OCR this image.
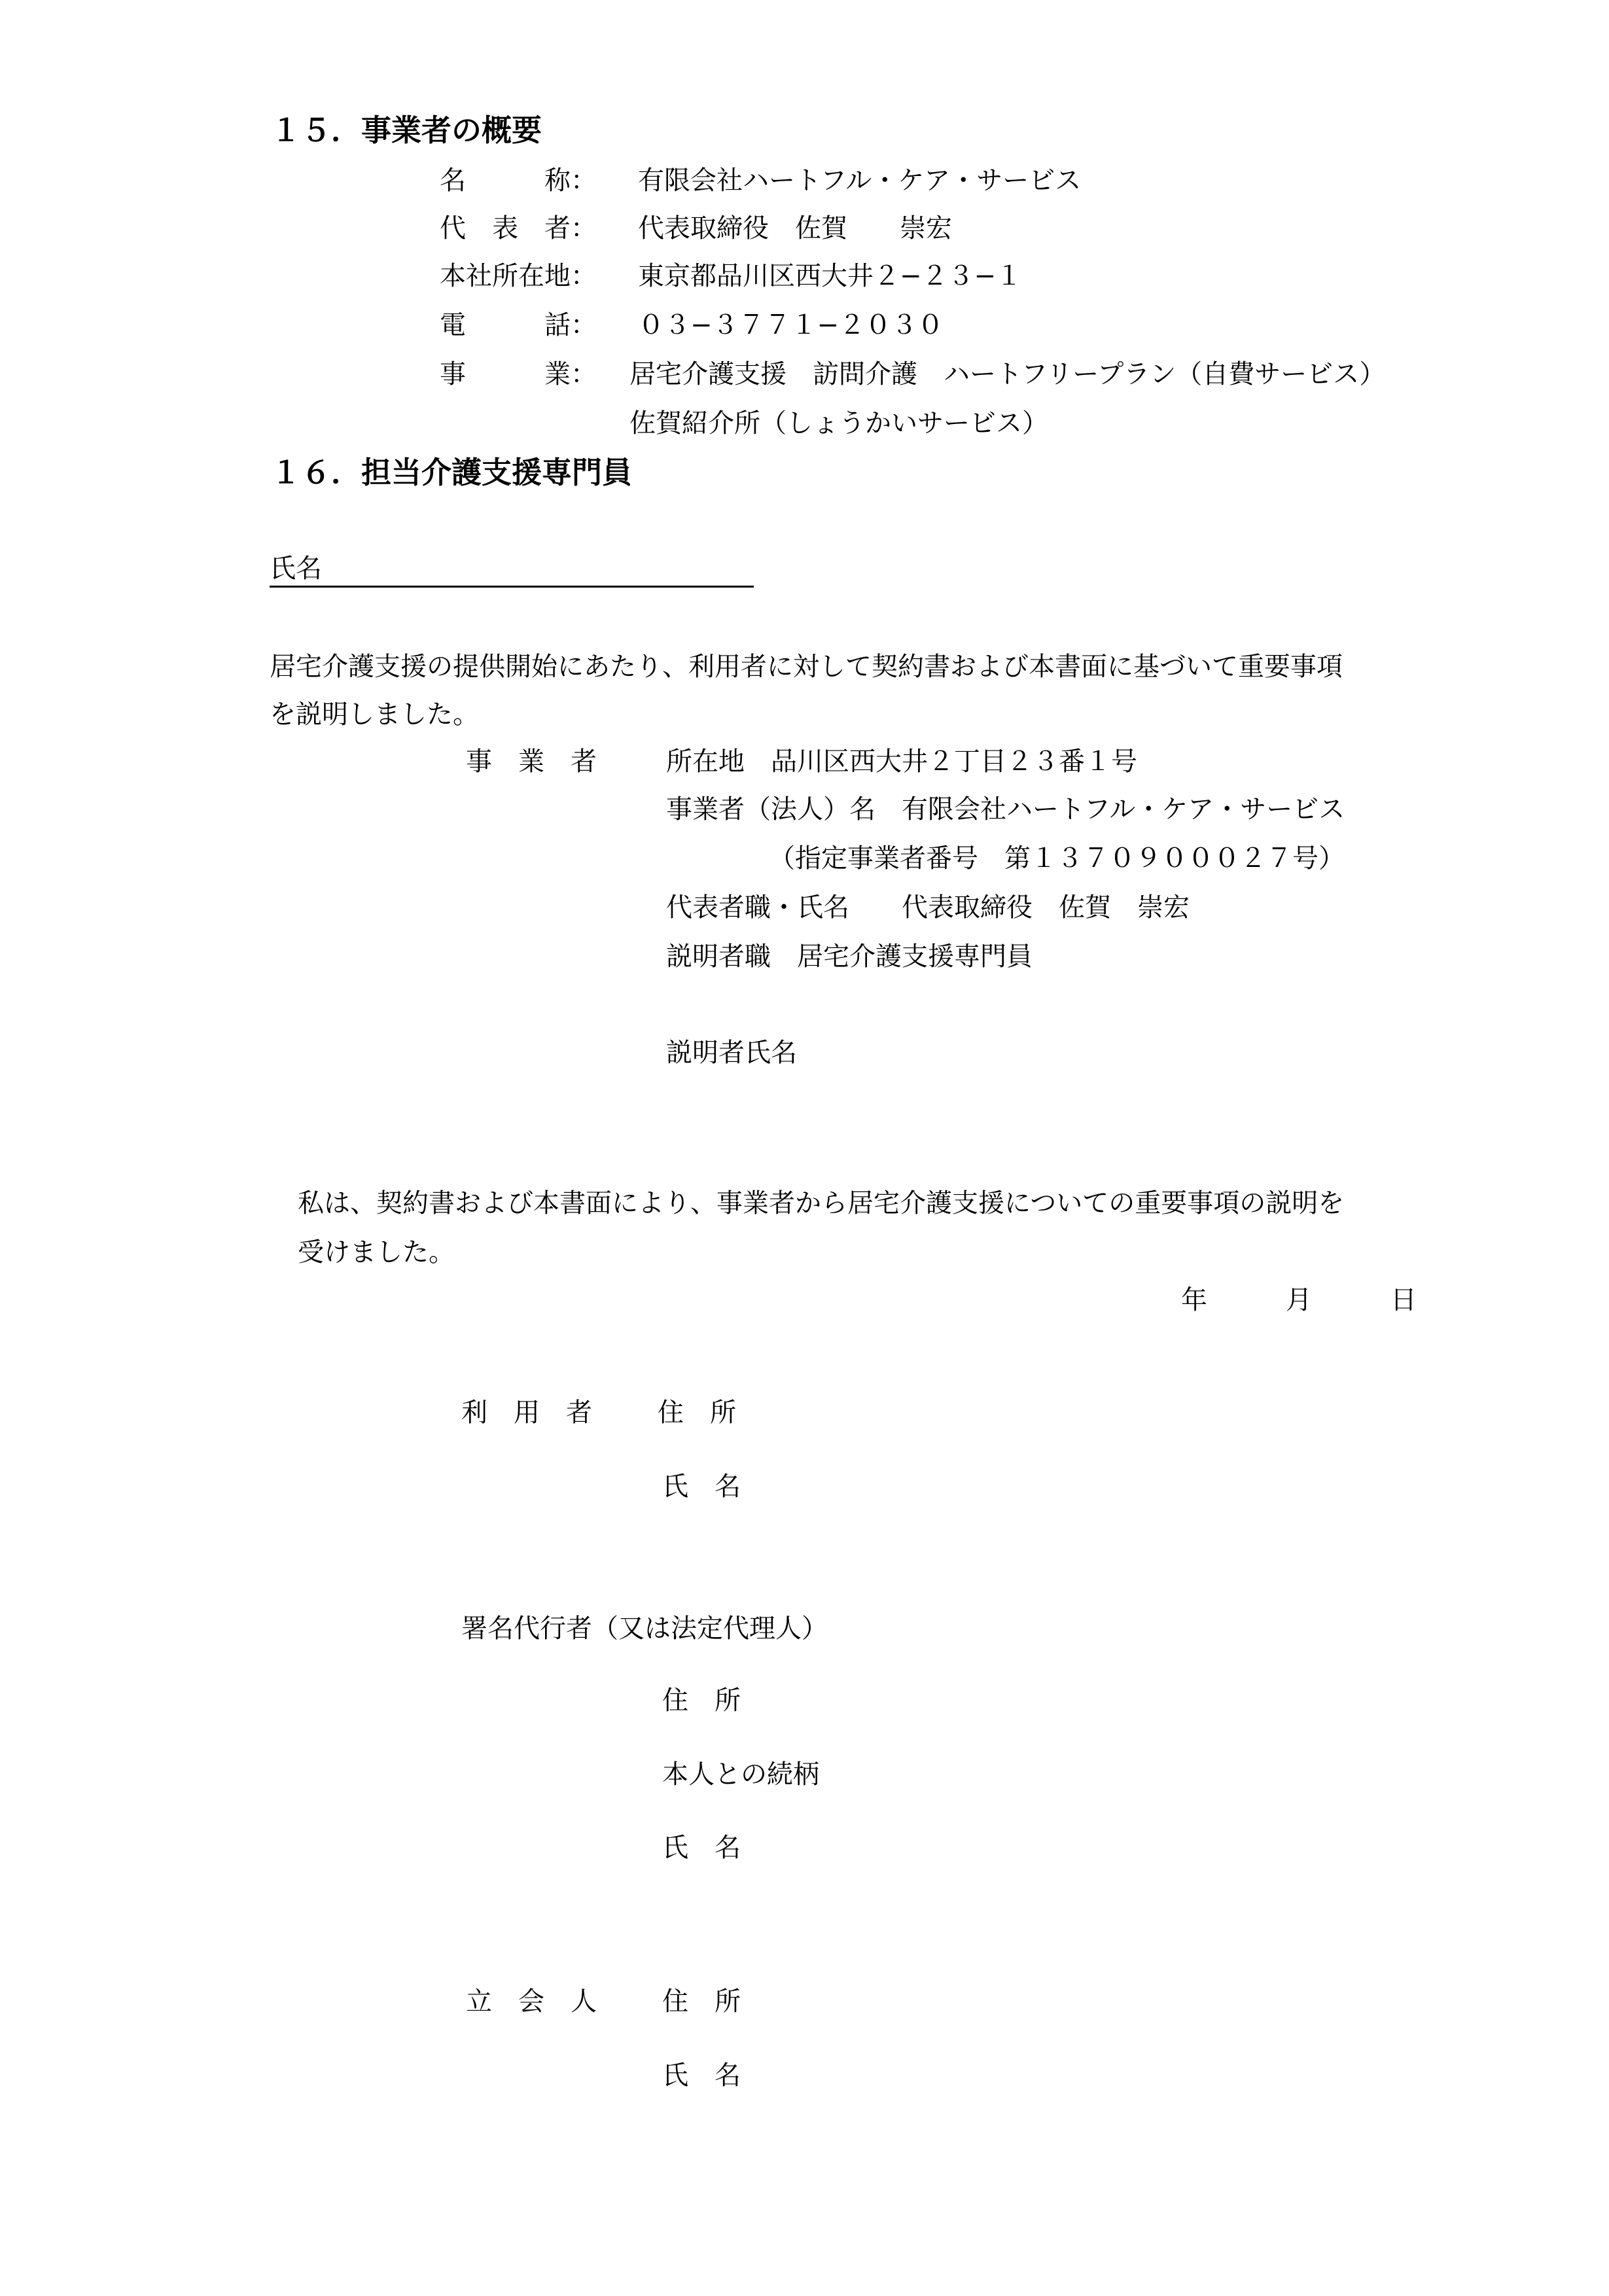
１５．事業者の概要
名　　　称： 有限会社ハートフル・ケア・サービス
代　表　者： 代表取締役　佐賀　　崇宏
本社所在地： 東京都品川区西大井２−２３−１
電　　　話： ０３−３７７１−２０３０
事　　　業： 居宅介護支援　訪問介護　ハートフリープラン（自費サービス）
佐賀紹介所（しょうかいサービス）
１６．担当介護支援専門員
氏名
居宅介護支援の提供開始にあたり、利用者に対して契約書および本書面に基づいて重要事項
を説明しました。
事　業　者	所在地　品川区西大井２丁目２３番１号
事業者（法人）名　有限会社ハートフル・ケア・サービス
（指定事業者番号　第１３７０９０００２７号）
代表者職・氏名　　代表取締役　佐賀　崇宏
説明者職　居宅介護支援専門員
説明者氏名
私は、契約書および本書面により、事業者から居宅介護支援についての重要事項の説明を
受けました。
年　　　月　　　日
利　用　者	住　所
氏　名
署名代行者（又は法定代理人）
住　所
本人との続柄
氏　名
立　会　人	住　所
氏　名
